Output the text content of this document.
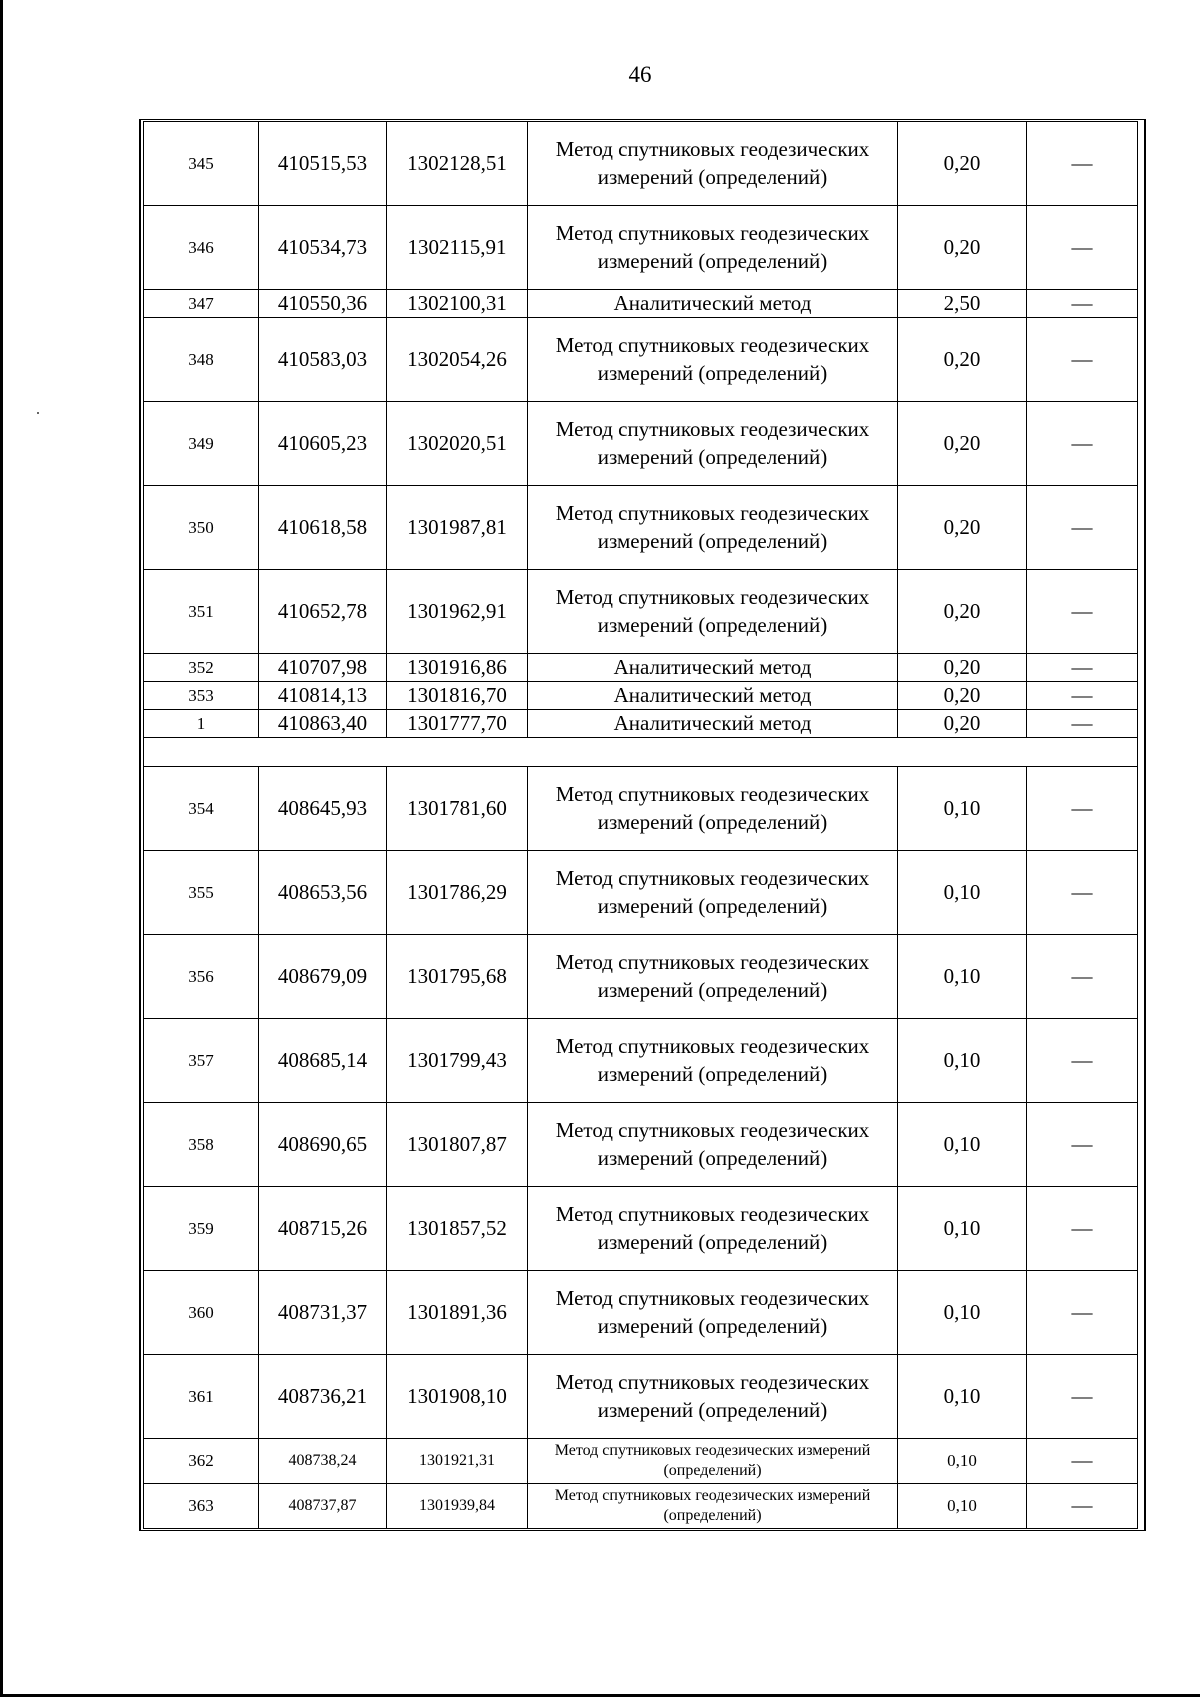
46
345	410515,53	1302128,51	Метод спутниковых геодезических измерений (определений)	0,20	—
346	410534,73	1302115,91	Метод спутниковых геодезических измерений (определений)	0,20	—
347	410550,36	1302100,31	Аналитический метод	2,50	—
348	410583,03	1302054,26	Метод спутниковых геодезических измерений (определений)	0,20	—
349	410605,23	1302020,51	Метод спутниковых геодезических измерений (определений)	0,20	—
350	410618,58	1301987,81	Метод спутниковых геодезических измерений (определений)	0,20	—
351	410652,78	1301962,91	Метод спутниковых геодезических измерений (определений)	0,20	—
352	410707,98	1301916,86	Аналитический метод	0,20	—
353	410814,13	1301816,70	Аналитический метод	0,20	—
1	410863,40	1301777,70	Аналитический метод	0,20	—

354	408645,93	1301781,60	Метод спутниковых геодезических измерений (определений)	0,10	—
355	408653,56	1301786,29	Метод спутниковых геодезических измерений (определений)	0,10	—
356	408679,09	1301795,68	Метод спутниковых геодезических измерений (определений)	0,10	—
357	408685,14	1301799,43	Метод спутниковых геодезических измерений (определений)	0,10	—
358	408690,65	1301807,87	Метод спутниковых геодезических измерений (определений)	0,10	—
359	408715,26	1301857,52	Метод спутниковых геодезических измерений (определений)	0,10	—
360	408731,37	1301891,36	Метод спутниковых геодезических измерений (определений)	0,10	—
361	408736,21	1301908,10	Метод спутниковых геодезических измерений (определений)	0,10	—
362	408738,24	1301921,31	Метод спутниковых геодезических измерений (определений)	0,10	—
363	408737,87	1301939,84	Метод спутниковых геодезических измерений (определений)	0,10	—
